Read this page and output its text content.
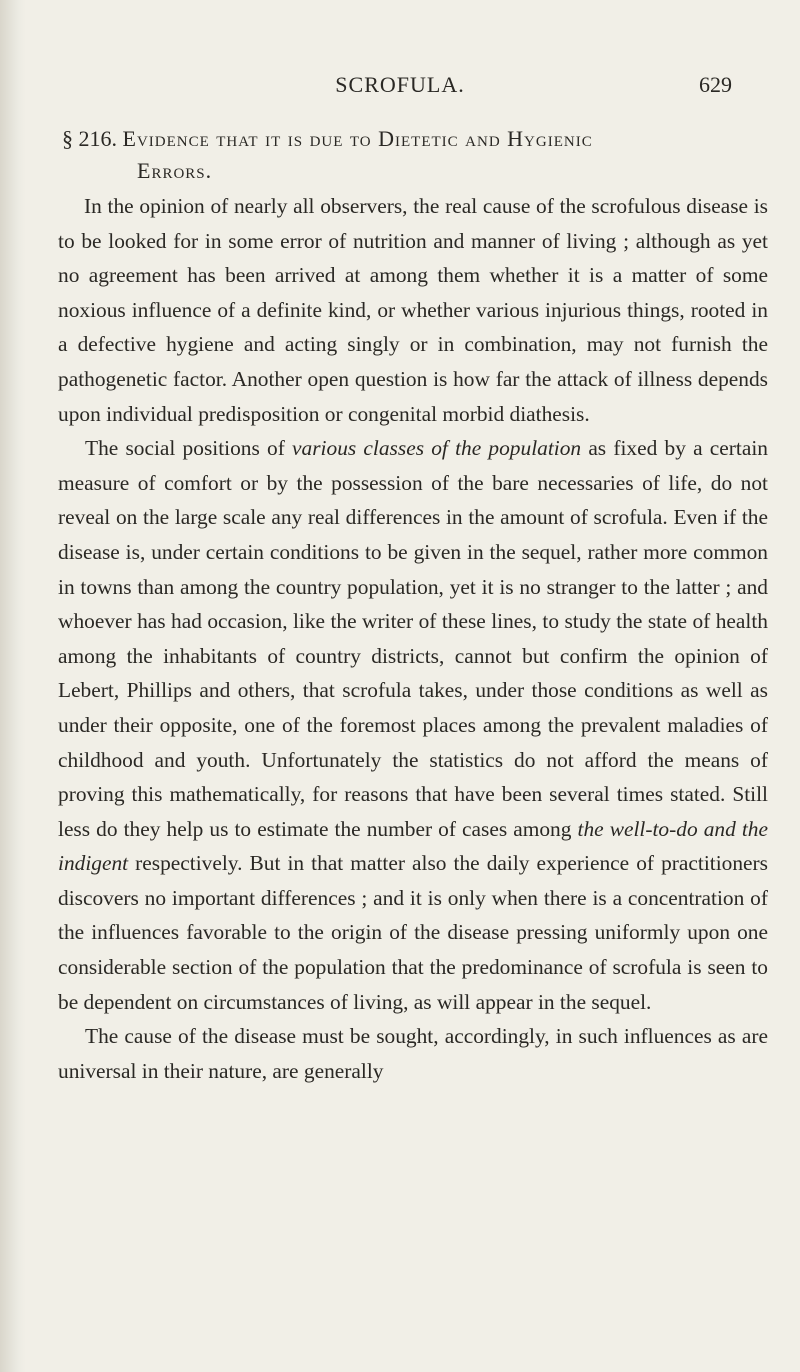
SCROFULA.	629
§ 216. Evidence that it is due to Dietetic and Hygienic
Errors.

In the opinion of nearly all observers, the real cause of the scrofulous disease is to be looked for in some error of nutrition and manner of living ; although as yet no agreement has been arrived at among them whether it is a matter of some noxious influence of a definite kind, or whether various injurious things, rooted in a defective hygiene and acting singly or in combination, may not furnish the pathogenetic factor. Another open question is how far the attack of illness depends upon individual predisposition or congenital morbid diathesis.

The social positions of various classes of the population as fixed by a certain measure of comfort or by the possession of the bare necessaries of life, do not reveal on the large scale any real differences in the amount of scrofula. Even if the disease is, under certain conditions to be given in the sequel, rather more common in towns than among the country population, yet it is no stranger to the latter ; and whoever has had occasion, like the writer of these lines, to study the state of health among the inhabitants of country districts, cannot but confirm the opinion of Lebert, Phillips and others, that scrofula takes, under those conditions as well as under their opposite, one of the foremost places among the prevalent maladies of childhood and youth. Unfortunately the statistics do not afford the means of proving this mathematically, for reasons that have been several times stated. Still less do they help us to estimate the number of cases among the well-to-do and the indigent respectively. But in that matter also the daily experience of practitioners discovers no important differences ; and it is only when there is a concentration of the influences favorable to the origin of the disease pressing uniformly upon one considerable section of the population that the predominance of scrofula is seen to be dependent on circumstances of living, as will appear in the sequel.

The cause of the disease must be sought, accordingly, in such influences as are universal in their nature, are generally
